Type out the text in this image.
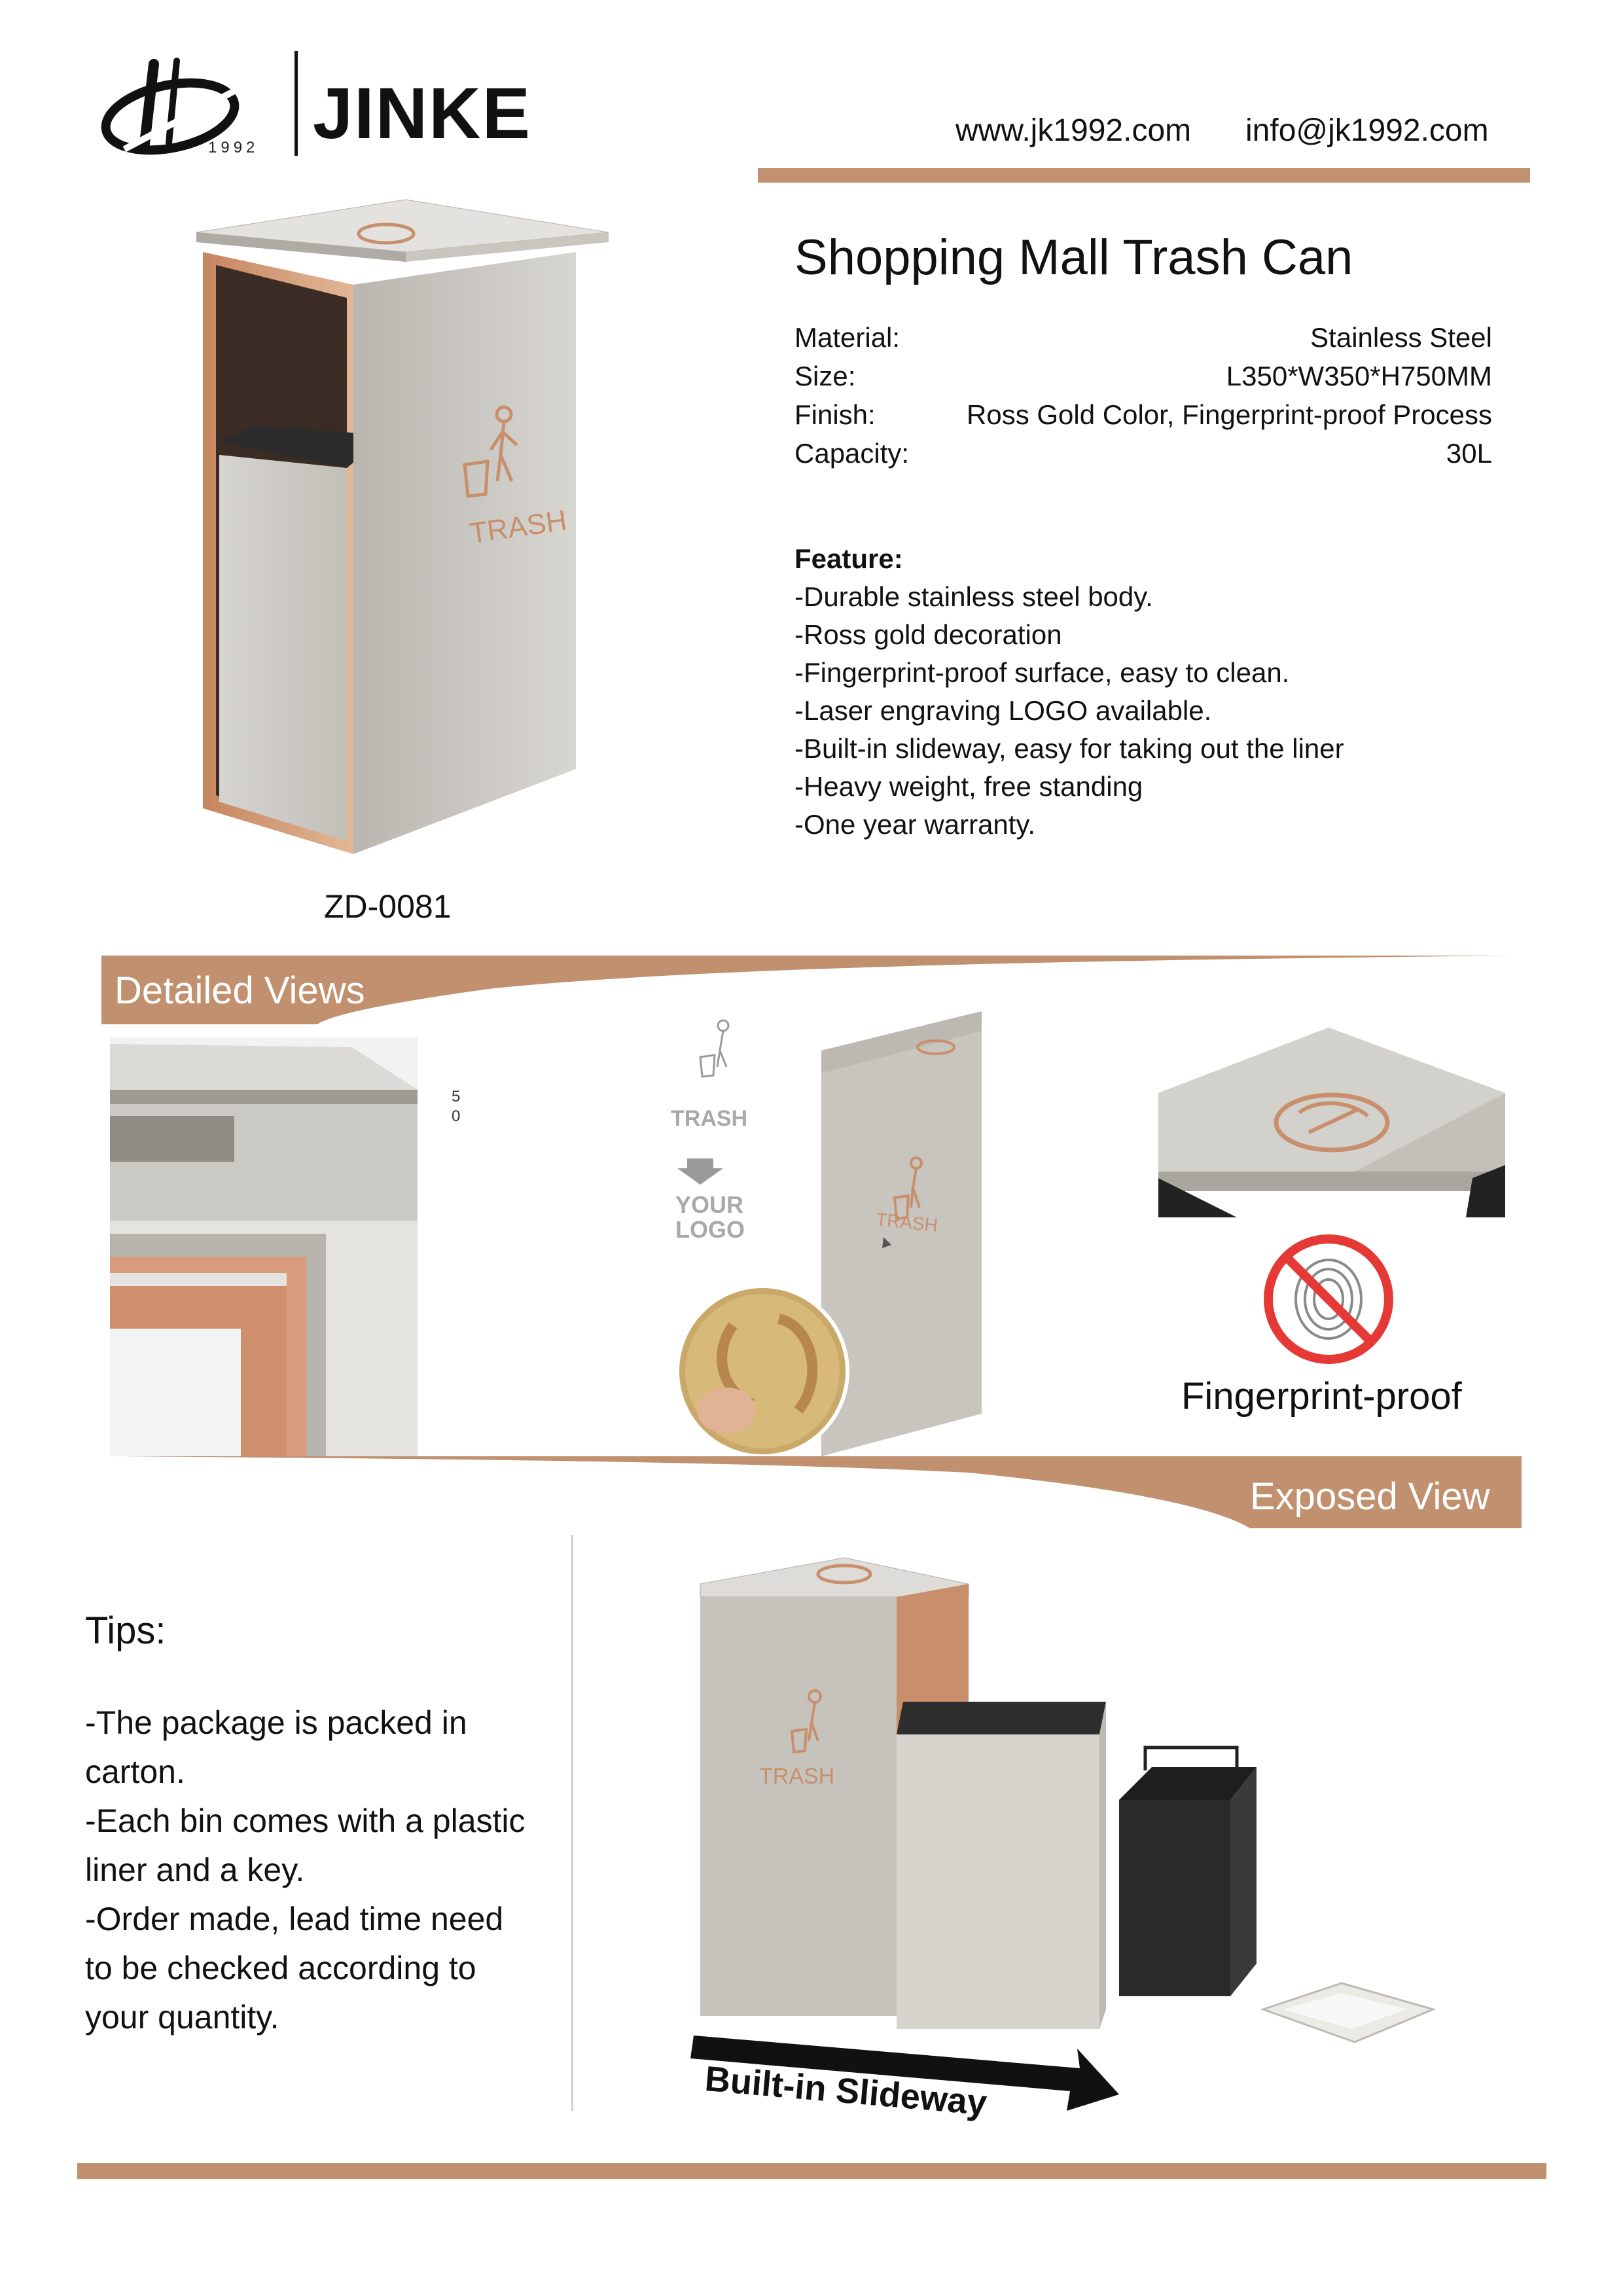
1992 JINKE	www.jk1992.com info@jk1992.com
TRASH
ZD-0081
Shopping Mall Trash Can
Material:	Stainless Steel
Size:	L350*W350*H750MM
Finish:	Ross Gold Color, Fingerprint-proof Process
Capacity:	30L
Feature:
-Durable stainless steel body.
-Ross gold decoration
-Fingerprint-proof surface, easy to clean.
-Laser engraving LOGO available.
-Built-in slideway, easy for taking out the liner
-Heavy weight, free standing
-One year warranty.
Detailed Views
5
0	TRASH
YOUR
LOGO	TRASH
Fingerprint-proof
Exposed View
Tips:
-The package is packed in
carton.
-Each bin comes with a plastic
liner and a key.
-Order made, lead time need
to be checked according to
your quantity.
TRASH
Built-in Slideway
